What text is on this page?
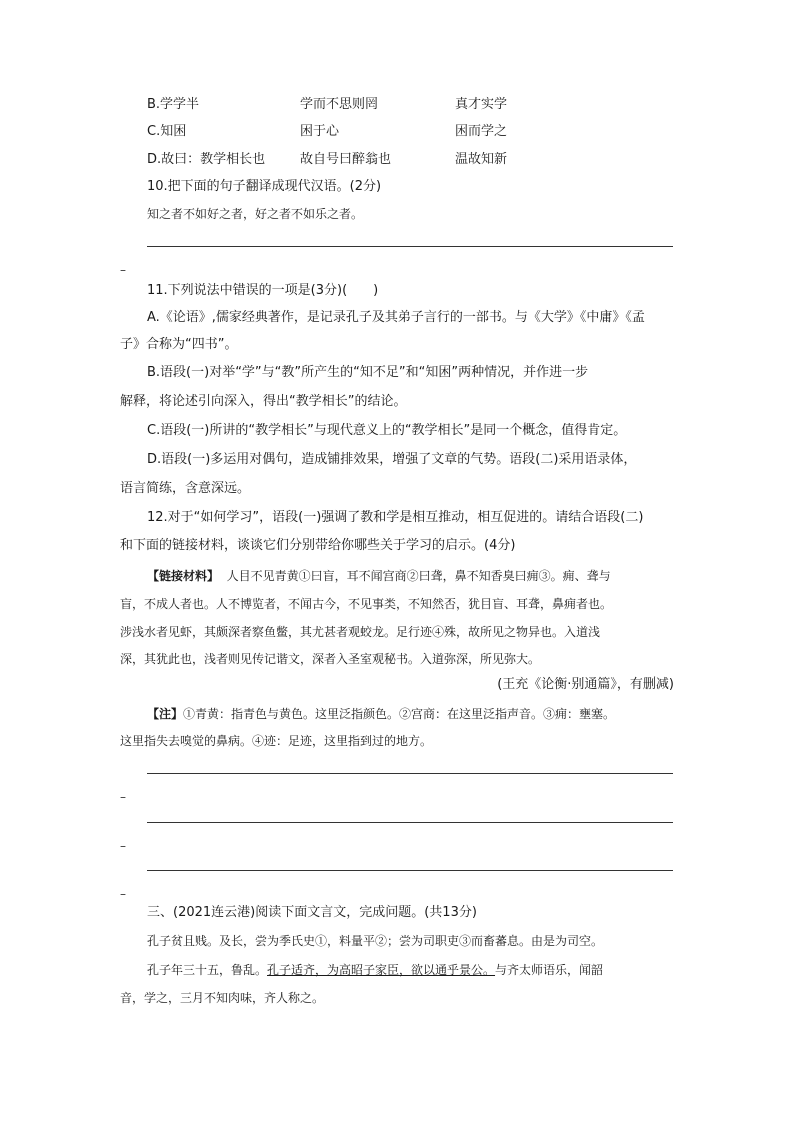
B.学学半	学而不思则罔	真才实学
C.知困	困于心	困而学之
D.故曰：教学相长也	故自号曰醉翁也	温故知新
10.把下面的句子翻译成现代汉语。(2分)
知之者不如好之者，好之者不如乐之者。
–
11.下列说法中错误的一项是(3分)(　　)
A.《论语》,儒家经典著作，是记录孔子及其弟子言行的一部书。与《大学》《中庸》《孟
子》合称为“四书”。
B.语段(一)对举“学”与“教”所产生的“知不足”和“知困”两种情况，并作进一步
解释，将论述引向深入，得出“教学相长”的结论。
C.语段(一)所讲的“教学相长”与现代意义上的“教学相长”是同一个概念，值得肯定。
D.语段(一)多运用对偶句，造成铺排效果，增强了文章的气势。语段(二)采用语录体，
语言简练，含意深远。
12.对于“如何学习”，语段(一)强调了教和学是相互推动，相互促进的。请结合语段(二)
和下面的链接材料，谈谈它们分别带给你哪些关于学习的启示。(4分)
【链接材料】 人目不见青黄①曰盲，耳不闻宫商②曰聋，鼻不知香臭曰痈③。痈、聋与
盲，不成人者也。人不博览者，不闻古今，不见事类，不知然否，犹目盲、耳聋，鼻痈者也。
涉浅水者见虾，其颇深者察鱼鳖，其尤甚者观蛟龙。足行迹④殊，故所见之物异也。入道浅
深，其犹此也，浅者则见传记谐文，深者入圣室观秘书。入道弥深，所见弥大。
(王充《论衡·别通篇》，有删减)
【注】①青黄：指青色与黄色。这里泛指颜色。②宫商：在这里泛指声音。③痈：壅塞。
这里指失去嗅觉的鼻病。④迹：足迹，这里指到过的地方。
–
–
–
三、(2021连云港)阅读下面文言文，完成问题。(共13分)
孔子贫且贱。及长，尝为季氏史①，料量平②；尝为司职吏③而畜蕃息。由是为司空。
孔子年三十五，鲁乱。孔子适齐，为高昭子家臣，欲以通乎景公。与齐太师语乐，闻韶
音，学之，三月不知肉味，齐人称之。
